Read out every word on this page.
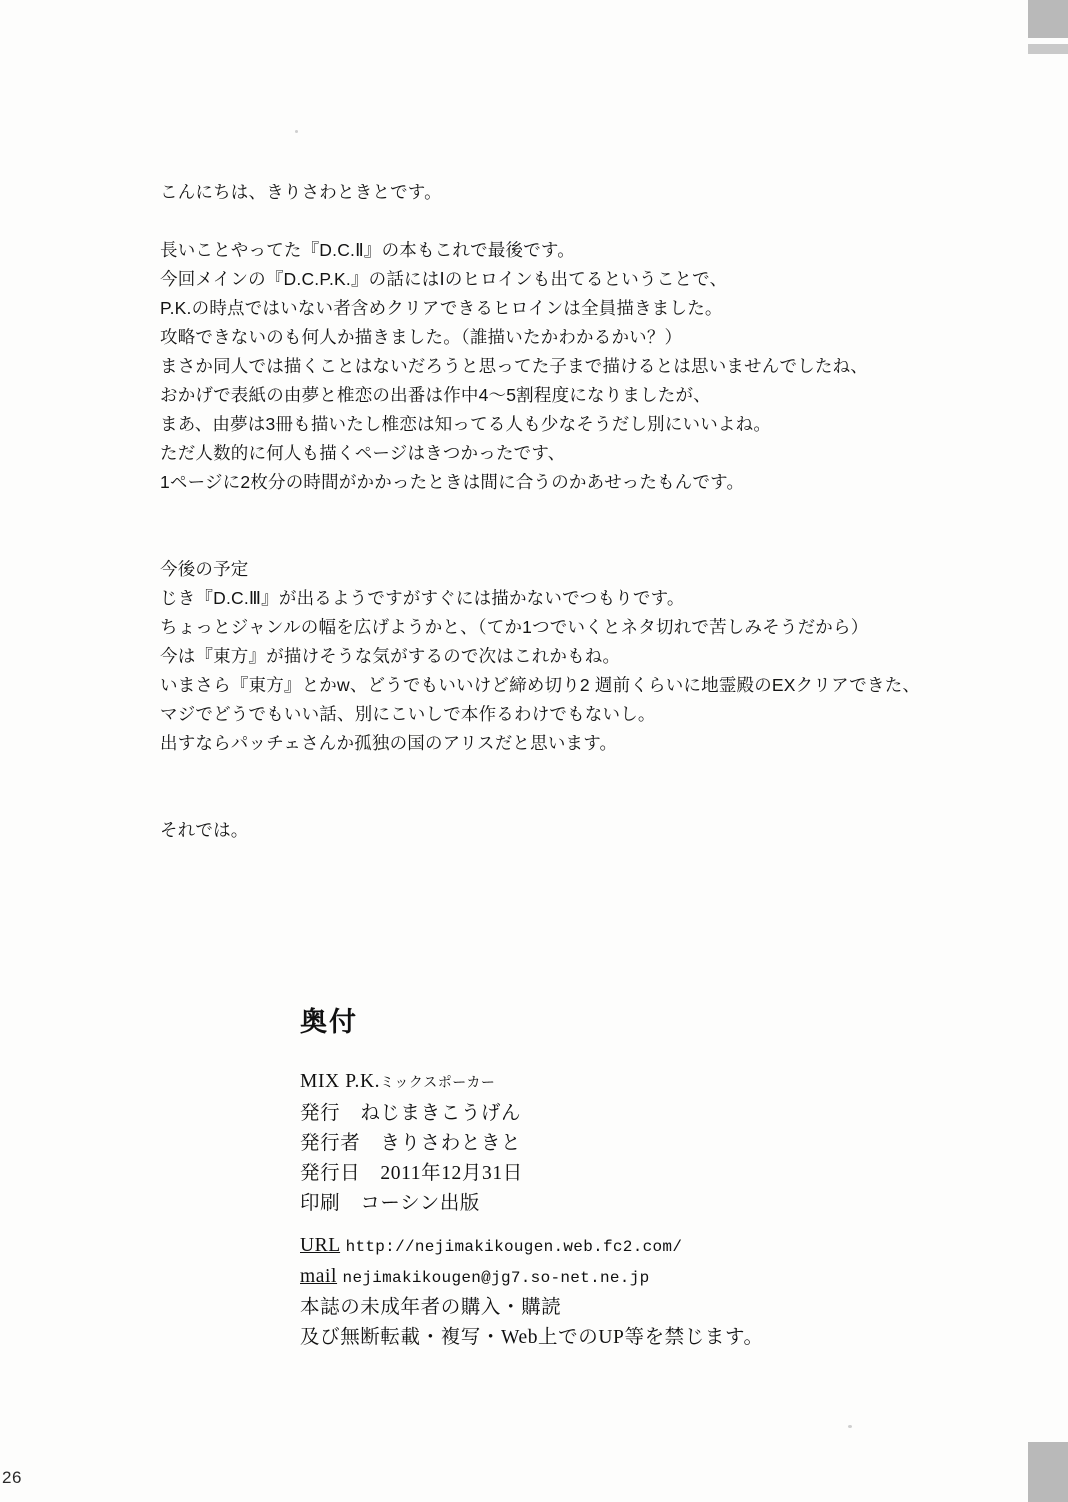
こんにちは、きりさわときとです。
長いことやってた『D.C.Ⅱ』の本もこれで最後です。
今回メインの『D.C.P.K.』の話にはⅠのヒロインも出てるということで、
P.K.の時点ではいない者含めクリアできるヒロインは全員描きました。
攻略できないのも何人か描きました。（誰描いたかわかるかい？）
まさか同人では描くことはないだろうと思ってた子まで描けるとは思いませんでしたね、
おかげで表紙の由夢と椎恋の出番は作中4〜5割程度になりましたが、
まあ、由夢は3冊も描いたし椎恋は知ってる人も少なそうだし別にいいよね。
ただ人数的に何人も描くページはきつかったです、
1ページに2枚分の時間がかかったときは間に合うのかあせったもんです。
今後の予定
じき『D.C.Ⅲ』が出るようですがすぐには描かないでつもりです。
ちょっとジャンルの幅を広げようかと、（てか1つでいくとネタ切れで苦しみそうだから）
今は『東方』が描けそうな気がするので次はこれかもね。
いまさら『東方』とかw、どうでもいいけど締め切り2 週前くらいに地霊殿のEXクリアできた、
マジでどうでもいい話、別にこいしで本作るわけでもないし。
出すならパッチェさんか孤独の国のアリスだと思います。
それでは。
奥付
MIX P.K.ミックスポーカー
発行　 ねじまきこうげん
発行者　 きりさわときと
発行日　 2011年12月31日
印刷　 コーシン出版
URL http://nejimakikougen.web.fc2.com/
mail nejimakikougen@jg7.so-net.ne.jp
本誌の未成年者の購入・購読
及び無断転載・複写・Web上でのUP等を禁じます。
26
